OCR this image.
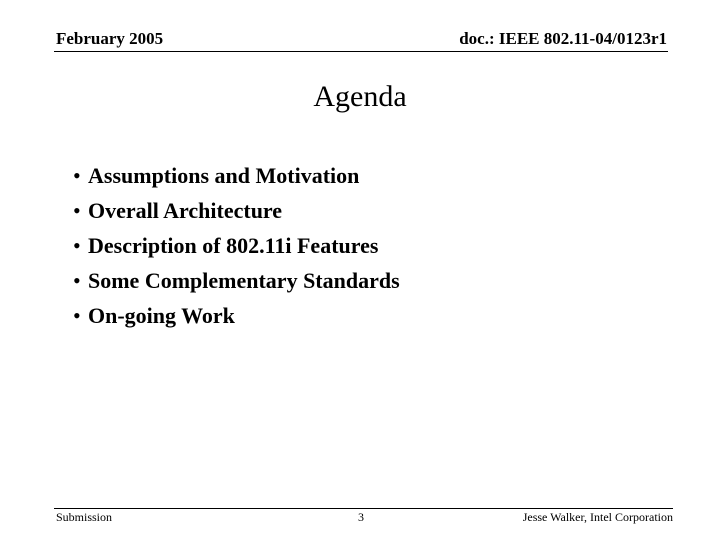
February 2005	doc.: IEEE 802.11-04/0123r1
Agenda
• Assumptions and Motivation
• Overall Architecture
• Description of 802.11i Features
• Some Complementary Standards
• On-going Work
Submission	3	Jesse Walker, Intel Corporation
